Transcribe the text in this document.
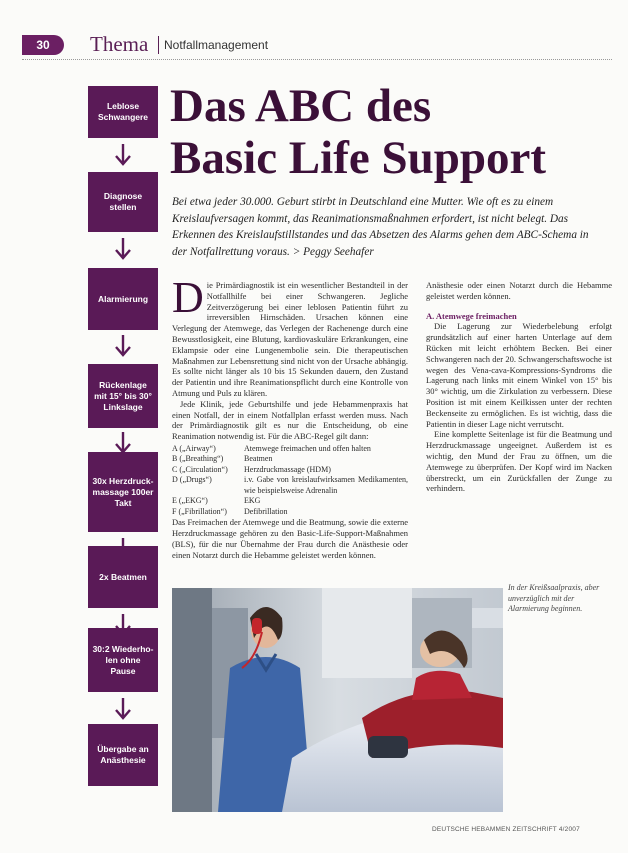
30	Thema Notfallmanagement
Leblose Schwangere
Diagnose stellen
Alarmierung
Rückenlage mit 15° bis 30° Linkslage
30x Herzdruck-massage 100er Takt
2x Beatmen
30:2 Wiederho-len ohne Pause
Übergabe an Anästhesie
Das ABC des
Basic Life Support

Bei etwa jeder 30.000. Geburt stirbt in Deutschland eine Mutter. Wie oft es zu einem Kreislaufversagen kommt, das Reanimationsmaßnahmen erfordert, ist nicht belegt. Das Erkennen des Kreislaufstillstandes und das Absetzen des Alarms gehen dem ABC-Schema in der Notfallrettung voraus. > Peggy Seehafer

Die Primärdiagnostik ist ein wesentlicher Bestandteil in der Notfallhilfe bei einer Schwangeren. Jegliche Zeitverzögerung bei einer leblosen Patientin führt zu irreversiblen Hirnschäden. Ursachen können eine Verlegung der Atemwege, das Verlegen der Rachenenge durch eine Bewusstlosigkeit, eine Blutung, kardiovaskuläre Erkrankungen, eine Eklampsie oder eine Lungenembolie sein. Die therapeutischen Maßnahmen zur Lebensrettung sind nicht von der Ursache abhängig. Es sollte nicht länger als 10 bis 15 Sekunden dauern, den Zustand der Patientin und ihre Reanimationspflicht durch eine Kontrolle von Atmung und Puls zu klären.

Jede Klinik, jede Geburtshilfe und jede Hebammenpraxis hat einen Notfall, der in einem Notfallplan erfasst werden muss. Nach der Primärdiagnostik gilt es nur die Entscheidung, ob eine Reanimation notwendig ist. Für die ABC-Regel gilt dann:

A („Airway“)	Atemwege freimachen und offen halten
B („Breathing“)	Beatmen
C („Circulation“)	Herzdruckmassage (HDM)
D („Drugs“)	i.v. Gabe von kreislaufwirksamen Medikamenten, wie beispielsweise Adrenalin
E („EKG“)	EKG
F („Fibrillation“)	Defibrillation

Das Freimachen der Atemwege und die Beatmung, sowie die externe Herzdruckmassage gehören zu den Basic-Life-Support-Maßnahmen (BLS), für die nur Übernahme der Frau durch die Anästhesie oder einen Notarzt durch die Hebamme geleistet werden können.

Anästhesie oder einen Notarzt durch die Hebamme geleistet werden können.

A. Atemwege freimachen

Die Lagerung zur Wiederbelebung erfolgt grundsätzlich auf einer harten Unterlage auf dem Rücken mit leicht erhöhtem Becken. Bei einer Schwangeren nach der 20. Schwangerschaftswoche ist wegen des Vena-cava-Kompressions-Syndroms die Lagerung nach links mit einem Winkel von 15° bis 30° wichtig, um die Zirkulation zu verbessern. Diese Position ist mit einem Keilkissen unter der rechten Beckenseite zu ermöglichen. Es ist wichtig, dass die Patientin in dieser Lage nicht verrutscht.

Eine komplette Seitenlage ist für die Beatmung und Herzdruckmassage ungeeignet. Außerdem ist es wichtig, den Mund der Frau zu öffnen, um die Atemwege zu überprüfen. Der Kopf wird im Nacken überstreckt, um ein Zurückfallen der Zunge zu verhindern.

In der Kreißsaalpraxis, aber unverzüglich mit der Alarmierung beginnen.

DEUTSCHE HEBAMMEN ZEITSCHRIFT 4/2007
